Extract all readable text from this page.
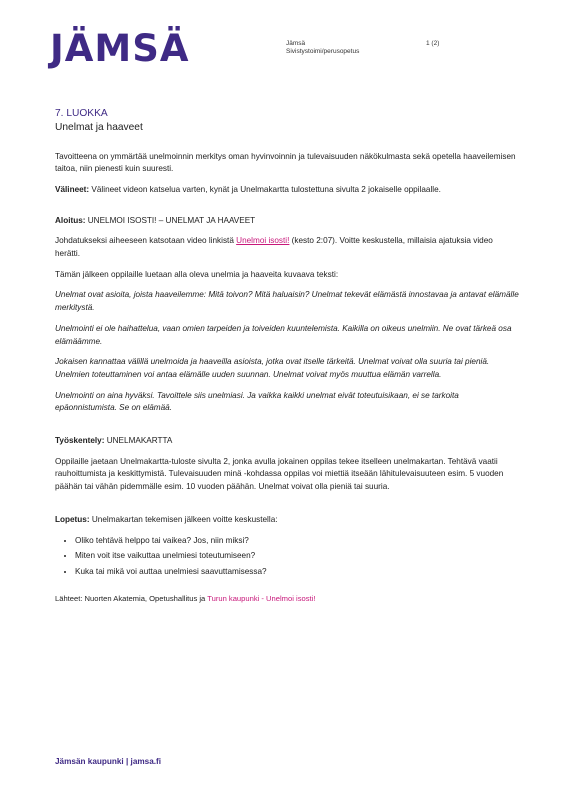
JÄMSÄ	Jämsä
Sivistystoimi/perusopetus
1 (2)
7. LUOKKA
Unelmat ja haaveet

Tavoitteena on ymmärtää unelmoinnin merkitys oman hyvinvoinnin ja tulevaisuuden näkökulmasta sekä opetella haaveilemisen taitoa, niin pienesti kuin suuresti.

Välineet: Välineet videon katselua varten, kynät ja Unelmakartta tulostettuna sivulta 2 jokaiselle oppilaalle.

Aloitus: UNELMOI ISOSTI! – UNELMAT JA HAAVEET

Johdatukseksi aiheeseen katsotaan video linkistä Unelmoi isosti! (kesto 2:07). Voitte keskustella, millaisia ajatuksia video herätti.

Tämän jälkeen oppilaille luetaan alla oleva unelmia ja haaveita kuvaava teksti:

Unelmat ovat asioita, joista haaveilemme: Mitä toivon? Mitä haluaisin? Unelmat tekevät elämästä innostavaa ja antavat elämälle merkitystä.

Unelmointi ei ole haihattelua, vaan omien tarpeiden ja toiveiden kuuntelemista. Kaikilla on oikeus unelmiin. Ne ovat tärkeä osa elämäämme.

Jokaisen kannattaa välillä unelmoida ja haaveilla asioista, jotka ovat itselle tärkeitä. Unelmat voivat olla suuria tai pieniä. Unelmien toteuttaminen voi antaa elämälle uuden suunnan. Unelmat voivat myös muuttua elämän varrella.

Unelmointi on aina hyväksi. Tavoittele siis unelmiasi. Ja vaikka kaikki unelmat eivät toteutuisikaan, ei se tarkoita epäonnistumista. Se on elämää.

Työskentely: UNELMAKARTTA

Oppilaille jaetaan Unelmakartta-tuloste sivulta 2, jonka avulla jokainen oppilas tekee itselleen unelmakartan. Tehtävä vaatii rauhoittumista ja keskittymistä. Tulevaisuuden minä -kohdassa oppilas voi miettiä itseään lähitulevaisuuteen esim. 5 vuoden päähän tai vähän pidemmälle esim. 10 vuoden päähän. Unelmat voivat olla pieniä tai suuria.

Lopetus: Unelmakartan tekemisen jälkeen voitte keskustella:

• Oliko tehtävä helppo tai vaikea? Jos, niin miksi?
• Miten voit itse vaikuttaa unelmiesi toteutumiseen?
• Kuka tai mikä voi auttaa unelmiesi saavuttamisessa?

Lähteet: Nuorten Akatemia, Opetushallitus ja Turun kaupunki - Unelmoi isosti!

Jämsän kaupunki | jamsa.fi
